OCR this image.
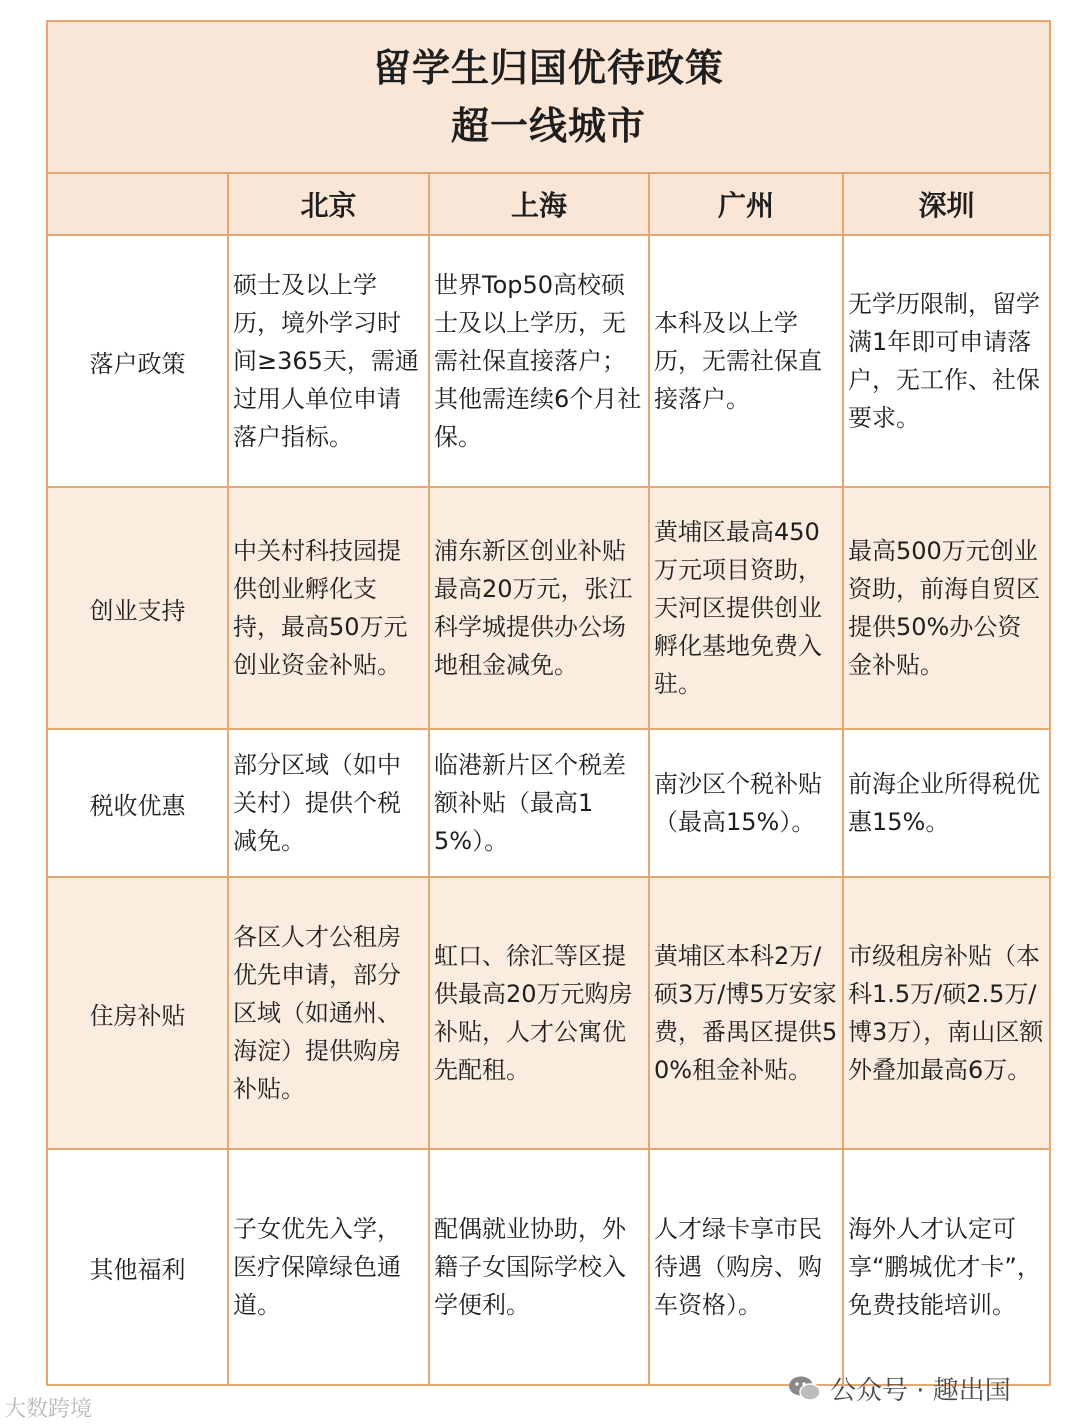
留学生归国优待政策
超一线城市				

	北京	上海	广州	深圳
落户政策	硕士及以上学历，境外学习时间≥365天，需通过用人单位申请落户指标。	世界Top50高校硕士及以上学历，无需社保直接落户；其他需连续6个月社保。	本科及以上学历，无需社保直接落户。	无学历限制，留学满1年即可申请落户，无工作、社保要求。
创业支持	中关村科技园提供创业孵化支持，最高50万元创业资金补贴。	浦东新区创业补贴最高20万元，张江科学城提供办公场地租金减免。	黄埔区最高450万元项目资助，天河区提供创业孵化基地免费入驻。	最高500万元创业资助，前海自贸区提供50%办公资金补贴。
税收优惠	部分区域（如中关村）提供个税减免。	临港新片区个税差额补贴（最高15%）。	南沙区个税补贴（最高15%）。	前海企业所得税优惠15%。
住房补贴	各区人才公租房优先申请，部分区域（如通州、海淀）提供购房补贴。	虹口、徐汇等区提供最高20万元购房补贴，人才公寓优先配租。	黄埔区本科2万/硕3万/博5万安家费，番禺区提供50%租金补贴。	市级租房补贴（本科1.5万/硕2.5万/博3万），南山区额外叠加最高6万。
其他福利	子女优先入学，医疗保障绿色通道。	配偶就业协助，外籍子女国际学校入学便利。	人才绿卡享市民待遇（购房、购车资格）。	海外人才认定可享“鹏城优才卡”，免费技能培训。
大数跨境
公众号 · 趣出国
